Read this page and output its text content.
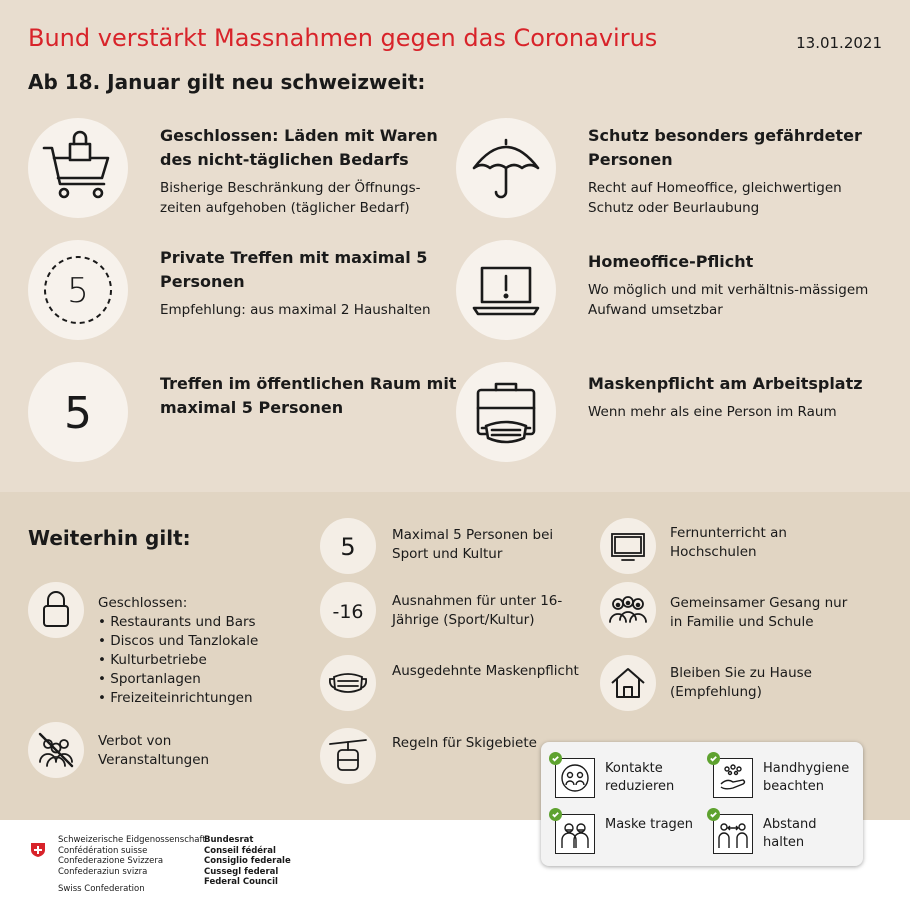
Bund verstärkt Massnahmen gegen das Coronavirus	13.01.2021
Ab 18. Januar gilt neu schweizweit:
Geschlossen: Läden mit Waren des nicht-täglichen Bedarfs

Bisherige Beschränkung der Öffnungs-zeiten aufgehoben (täglicher Bedarf)

Schutz besonders gefährdeter Personen

Recht auf Homeoffice, gleichwertigen Schutz oder Beurlaubung

5
Private Treffen mit maximal 5 Personen

Empfehlung: aus maximal 2 Haushalten

Homeoffice-Pflicht

Wo möglich und mit verhältnis-mässigem Aufwand umsetzbar

5
Treffen im öffentlichen Raum mit maximal 5 Personen
Maskenpflicht am Arbeitsplatz

Wenn mehr als eine Person im Raum

Weiterhin gilt:
Geschlossen:
• Restaurants und Bars
• Discos und Tanzlokale
• Kulturbetriebe
• Sportanlagen
• Freizeiteinrichtungen
Verbot von Veranstaltungen
5	Maximal 5 Personen bei Sport und Kultur
-16 Ausnahmen für unter 16-Jährige (Sport/Kultur)
Ausgedehnte Maskenpflicht
Regeln für Skigebiete
Fernunterricht an Hochschulen
Gemeinsamer Gesang nur in Familie und Schule
Bleiben Sie zu Hause (Empfehlung)
Kontakte reduzieren
Handhygiene beachten
Maske tragen	Abstand halten
Schweizerische Eidgenossenschaft
Confédération suisse
Confederazione Svizzera
Confederaziun svizra
Bundesrat
Conseil fédéral
Consiglio federale
Cussegl federal
Federal Council
Swiss Confederation
